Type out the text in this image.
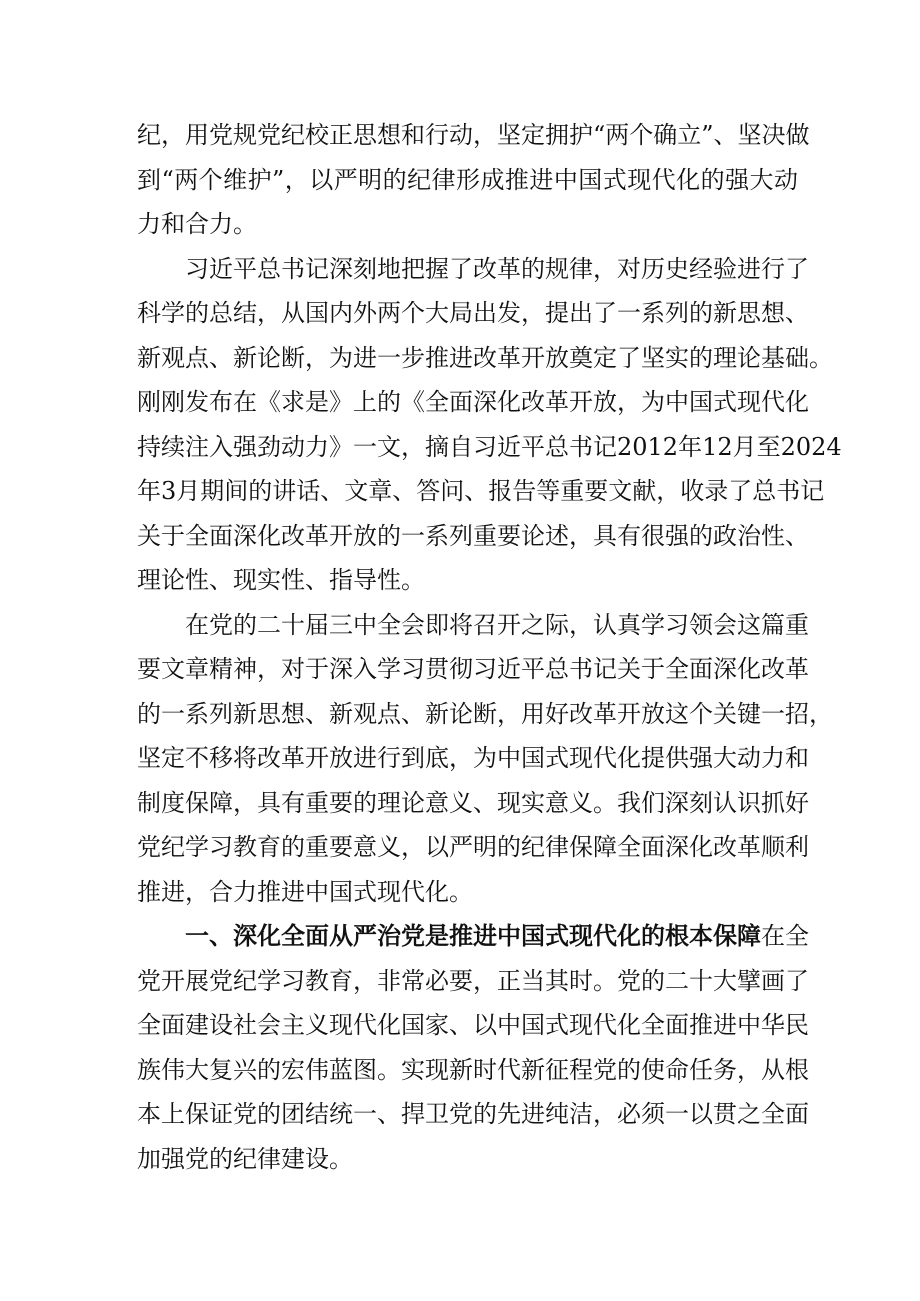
纪，用党规党纪校正思想和行动，坚定拥护“两个确立”、坚决做
到“两个维护”，以严明的纪律形成推进中国式现代化的强大动
力和合力。
习近平总书记深刻地把握了改革的规律，对历史经验进行了
科学的总结，从国内外两个大局出发，提出了一系列的新思想、
新观点、新论断，为进一步推进改革开放奠定了坚实的理论基础。
刚刚发布在《求是》上的《全面深化改革开放，为中国式现代化
持续注入强劲动力》一文，摘自习近平总书记2012年12月至2024
年3月期间的讲话、文章、答问、报告等重要文献，收录了总书记
关于全面深化改革开放的一系列重要论述，具有很强的政治性、
理论性、现实性、指导性。
在党的二十届三中全会即将召开之际，认真学习领会这篇重
要文章精神，对于深入学习贯彻习近平总书记关于全面深化改革
的一系列新思想、新观点、新论断，用好改革开放这个关键一招，
坚定不移将改革开放进行到底，为中国式现代化提供强大动力和
制度保障，具有重要的理论意义、现实意义。我们深刻认识抓好
党纪学习教育的重要意义，以严明的纪律保障全面深化改革顺利
推进，合力推进中国式现代化。
一、深化全面从严治党是推进中国式现代化的根本保障在全
党开展党纪学习教育，非常必要，正当其时。党的二十大擘画了
全面建设社会主义现代化国家、以中国式现代化全面推进中华民
族伟大复兴的宏伟蓝图。实现新时代新征程党的使命任务，从根
本上保证党的团结统一、捍卫党的先进纯洁，必须一以贯之全面
加强党的纪律建设。
